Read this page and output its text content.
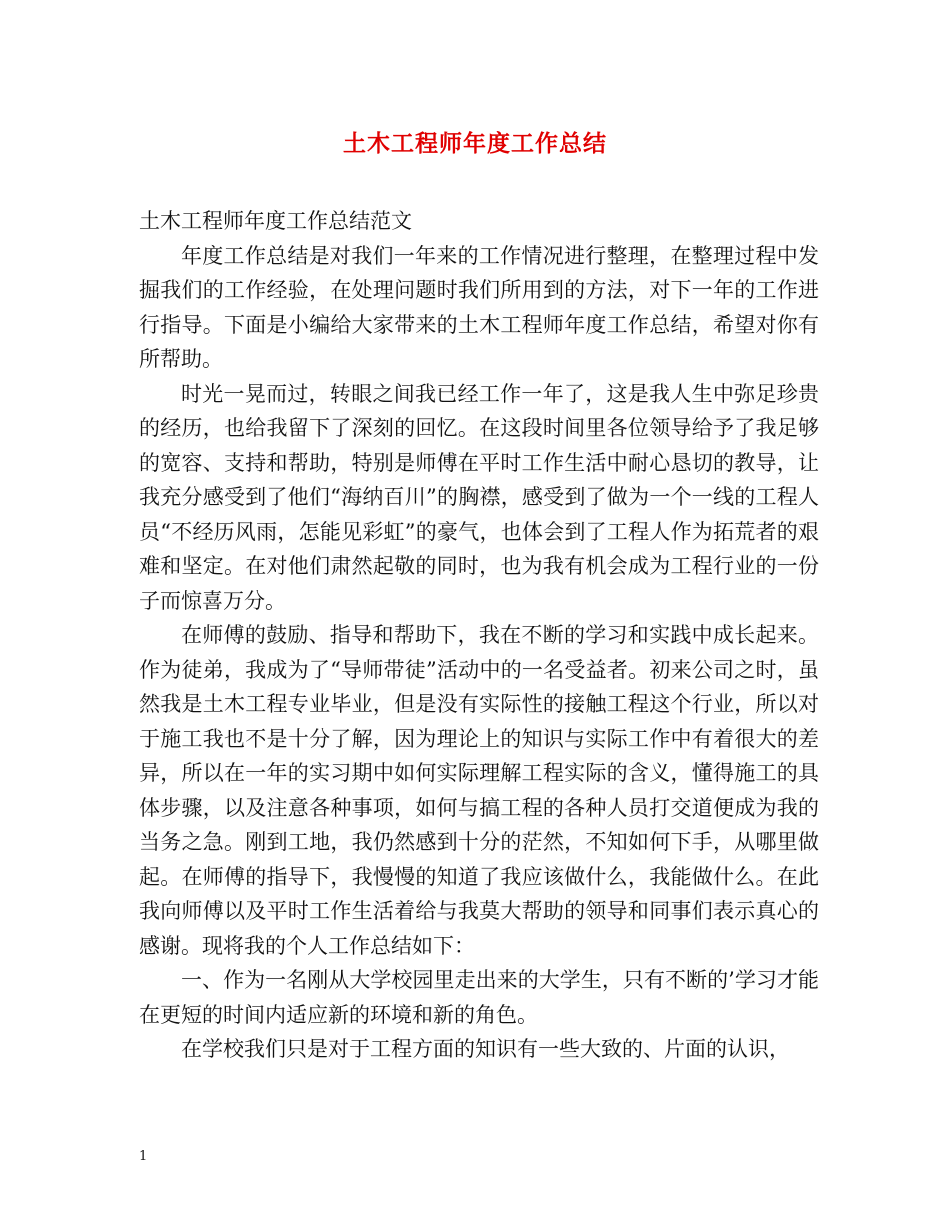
土木工程师年度工作总结

土木工程师年度工作总结范文

年度工作总结是对我们一年来的工作情况进行整理，在整理过程中发掘我们的工作经验，在处理问题时我们所用到的方法，对下一年的工作进行指导。下面是小编给大家带来的土木工程师年度工作总结，希望对你有所帮助。

时光一晃而过，转眼之间我已经工作一年了，这是我人生中弥足珍贵的经历，也给我留下了深刻的回忆。在这段时间里各位领导给予了我足够的宽容、支持和帮助，特别是师傅在平时工作生活中耐心恳切的教导，让我充分感受到了他们“海纳百川”的胸襟，感受到了做为一个一线的工程人员“不经历风雨，怎能见彩虹”的豪气，也体会到了工程人作为拓荒者的艰难和坚定。在对他们肃然起敬的同时，也为我有机会成为工程行业的一份子而惊喜万分。

在师傅的鼓励、指导和帮助下，我在不断的学习和实践中成长起来。作为徒弟，我成为了“导师带徒”活动中的一名受益者。初来公司之时，虽然我是土木工程专业毕业，但是没有实际性的接触工程这个行业，所以对于施工我也不是十分了解，因为理论上的知识与实际工作中有着很大的差异，所以在一年的实习期中如何实际理解工程实际的含义，懂得施工的具体步骤，以及注意各种事项，如何与搞工程的各种人员打交道便成为我的当务之急。刚到工地，我仍然感到十分的茫然，不知如何下手，从哪里做起。在师傅的指导下，我慢慢的知道了我应该做什么，我能做什么。在此我向师傅以及平时工作生活着给与我莫大帮助的领导和同事们表示真心的感谢。现将我的个人工作总结如下：

一、作为一名刚从大学校园里走出来的大学生，只有不断的’学习才能在更短的时间内适应新的环境和新的角色。

在学校我们只是对于工程方面的知识有一些大致的、片面的认识，

1
